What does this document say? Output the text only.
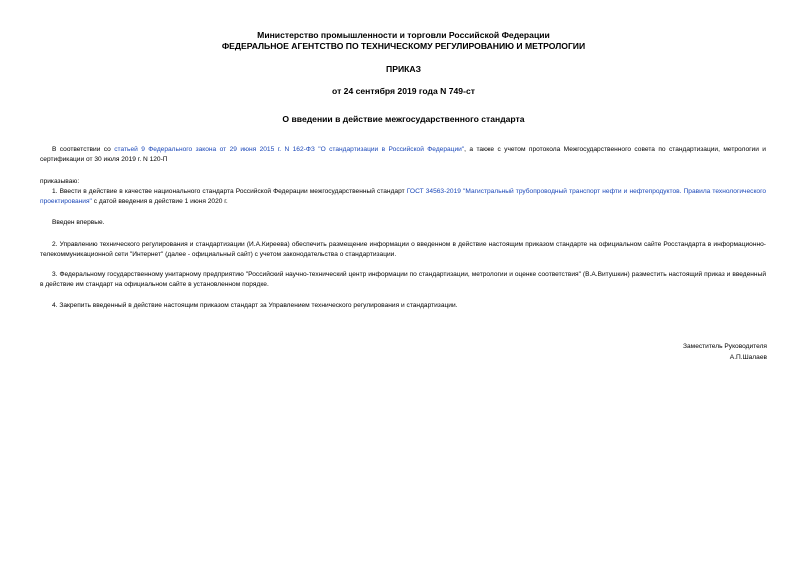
Министерство промышленности и торговли Российской Федерации
ФЕДЕРАЛЬНОЕ АГЕНТСТВО ПО ТЕХНИЧЕСКОМУ РЕГУЛИРОВАНИЮ И МЕТРОЛОГИИ
ПРИКАЗ
от 24 сентября 2019 года N 749-ст
О введении в действие межгосударственного стандарта
В соответствии со статьей 9 Федерального закона от 29 июня 2015 г. N 162-ФЗ "О стандартизации в Российской Федерации", а также с учетом протокола Межгосударственного совета по стандартизации, метрологии и сертификации от 30 июля 2019 г. N 120-П
приказываю:
1. Ввести в действие в качестве национального стандарта Российской Федерации межгосударственный стандарт ГОСТ 34563-2019 "Магистральный трубопроводный транспорт нефти и нефтепродуктов. Правила технологического проектирования" с датой введения в действие 1 июня 2020 г.
Введен впервые.
2. Управлению технического регулирования и стандартизации (И.А.Киреева) обеспечить размещение информации о введенном в действие настоящим приказом стандарте на официальном сайте Росстандарта в информационно-телекоммуникационной сети "Интернет" (далее - официальный сайт) с учетом законодательства о стандартизации.
3. Федеральному государственному унитарному предприятию "Российский научно-технический центр информации по стандартизации, метрологии и оценке соответствия" (В.А.Витушкин) разместить настоящий приказ и введенный в действие им стандарт на официальном сайте в установленном порядке.
4. Закрепить введенный в действие настоящим приказом стандарт за Управлением технического регулирования и стандартизации.
Заместитель Руководителя
А.П.Шалаев
